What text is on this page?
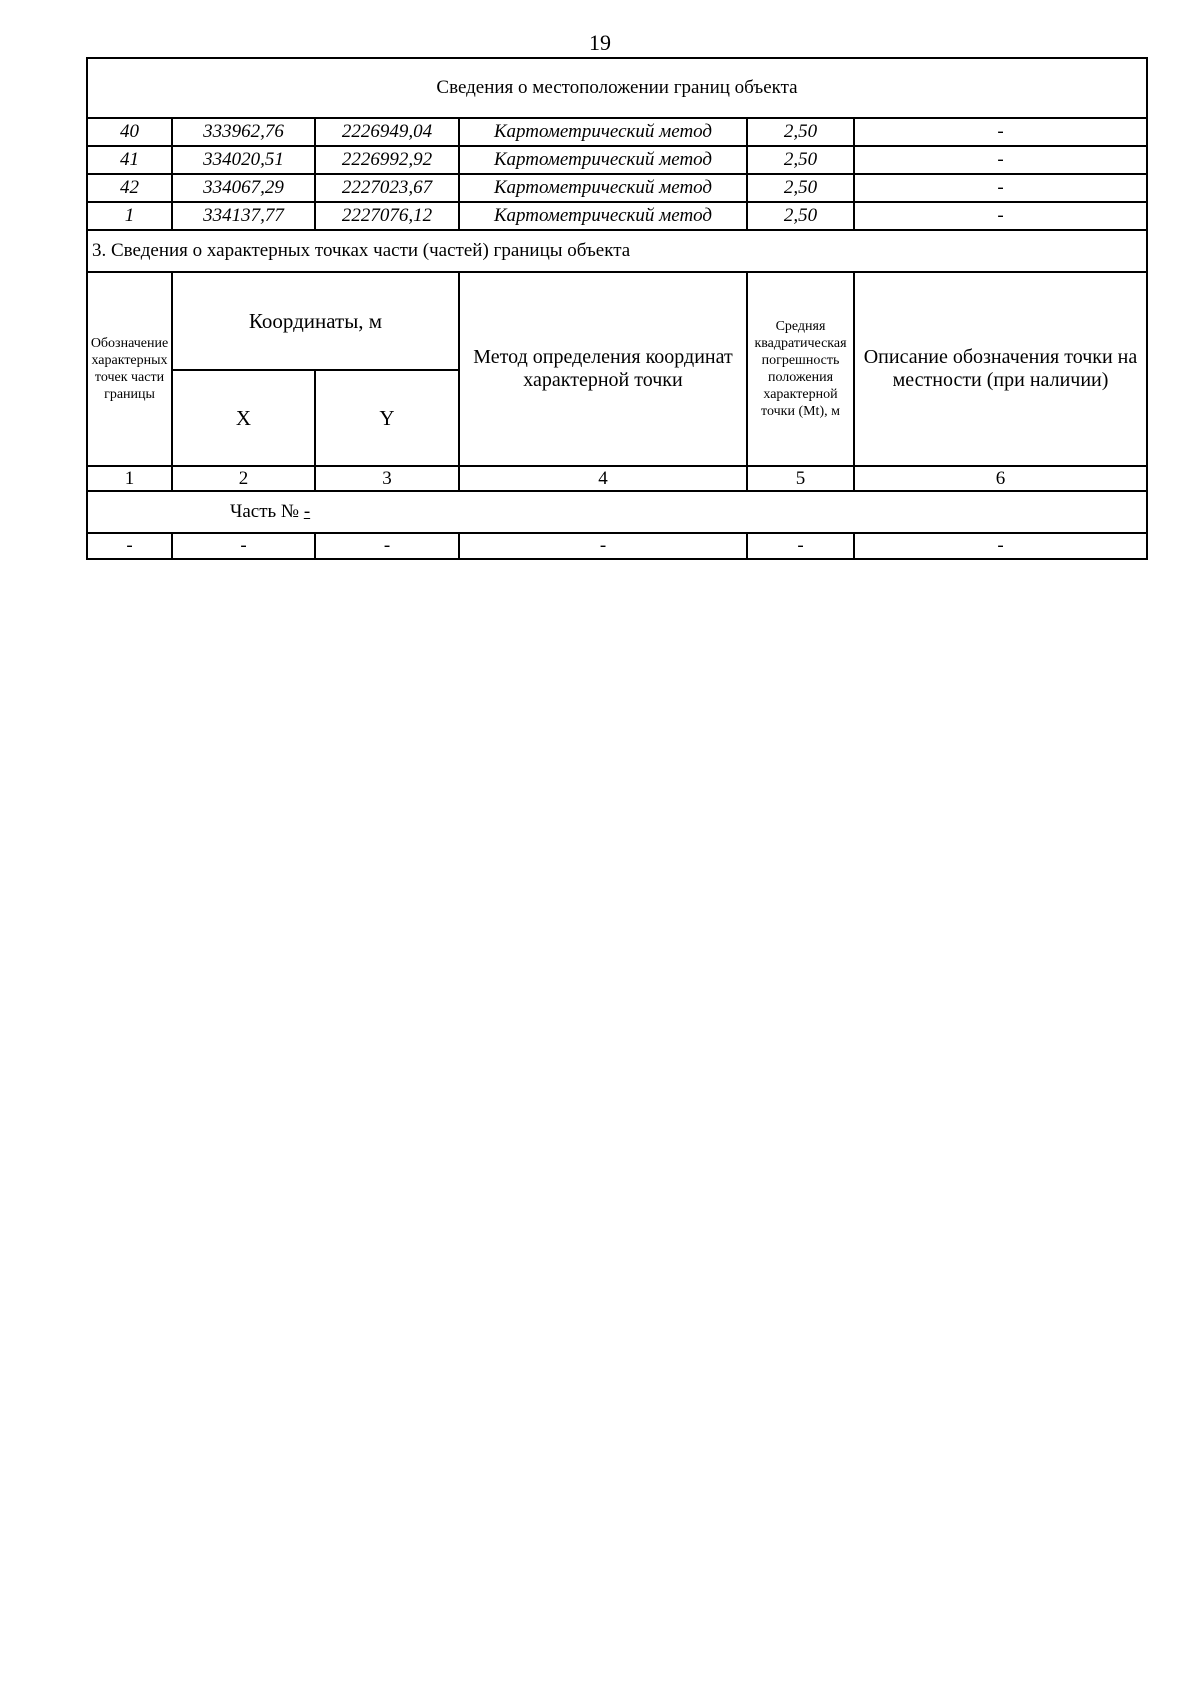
19
Сведения о местоположении границ объекта					
40	333962,76	2226949,04	Картометрический метод	2,50	-
41	334020,51	2226992,92	Картометрический метод	2,50	-
42	334067,29	2227023,67	Картометрический метод	2,50	-
1	334137,77	2227076,12	Картометрический метод	2,50	-
3. Сведения о характерных точках части (частей) границы объекта					
Обозначение характерных точек части границы	Координаты, м		Метод определения координат характерной точки	Средняя квадратическая погрешность положения характерной точки (Mt), м	Описание обозначения точки на местности (при наличии)
	X	Y			
1	2	3	4	5	6
Часть № -					
-	-	-	-	-	-
